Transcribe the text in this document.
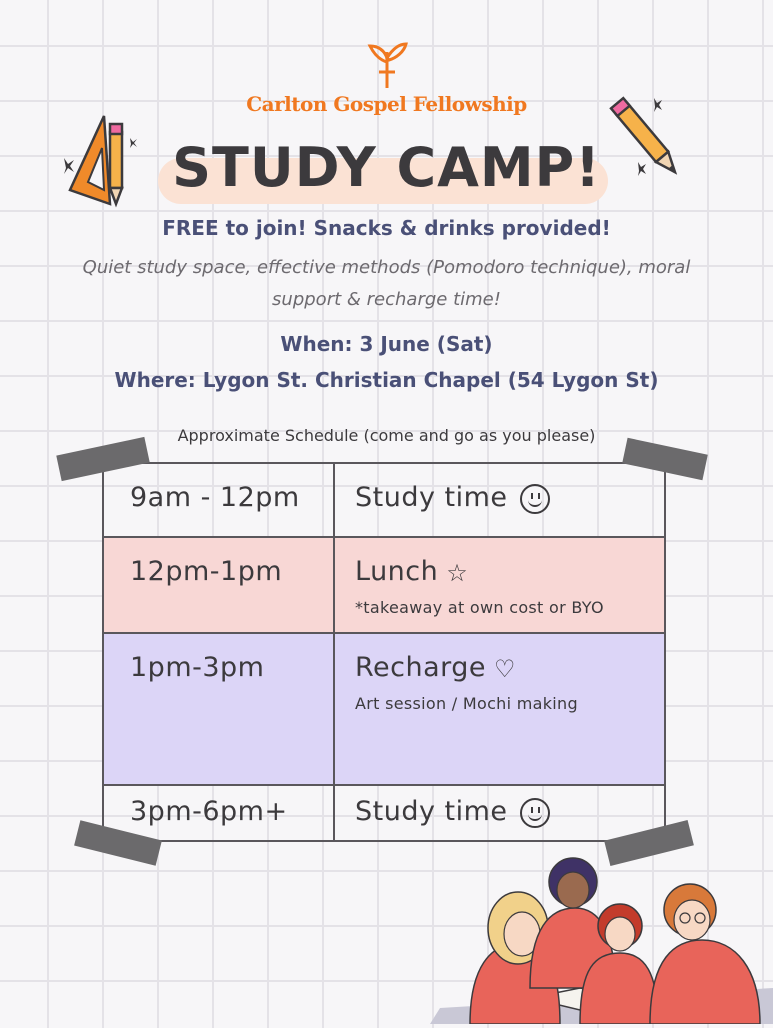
Carlton Gospel Fellowship
STUDY CAMP!
FREE to join! Snacks & drinks provided!
Quiet study space, effective methods (Pomodoro technique), moral support & recharge time!
When: 3 June (Sat)
Where: Lygon St. Christian Chapel (54 Lygon St)
Approximate Schedule (come and go as you please)
9am - 12pm Study time
12pm-1pm	Lunch ☆
*takeaway at own cost or BYO
1pm-3pm	Recharge ♡
Art session / Mochi making
3pm-6pm+ Study time
